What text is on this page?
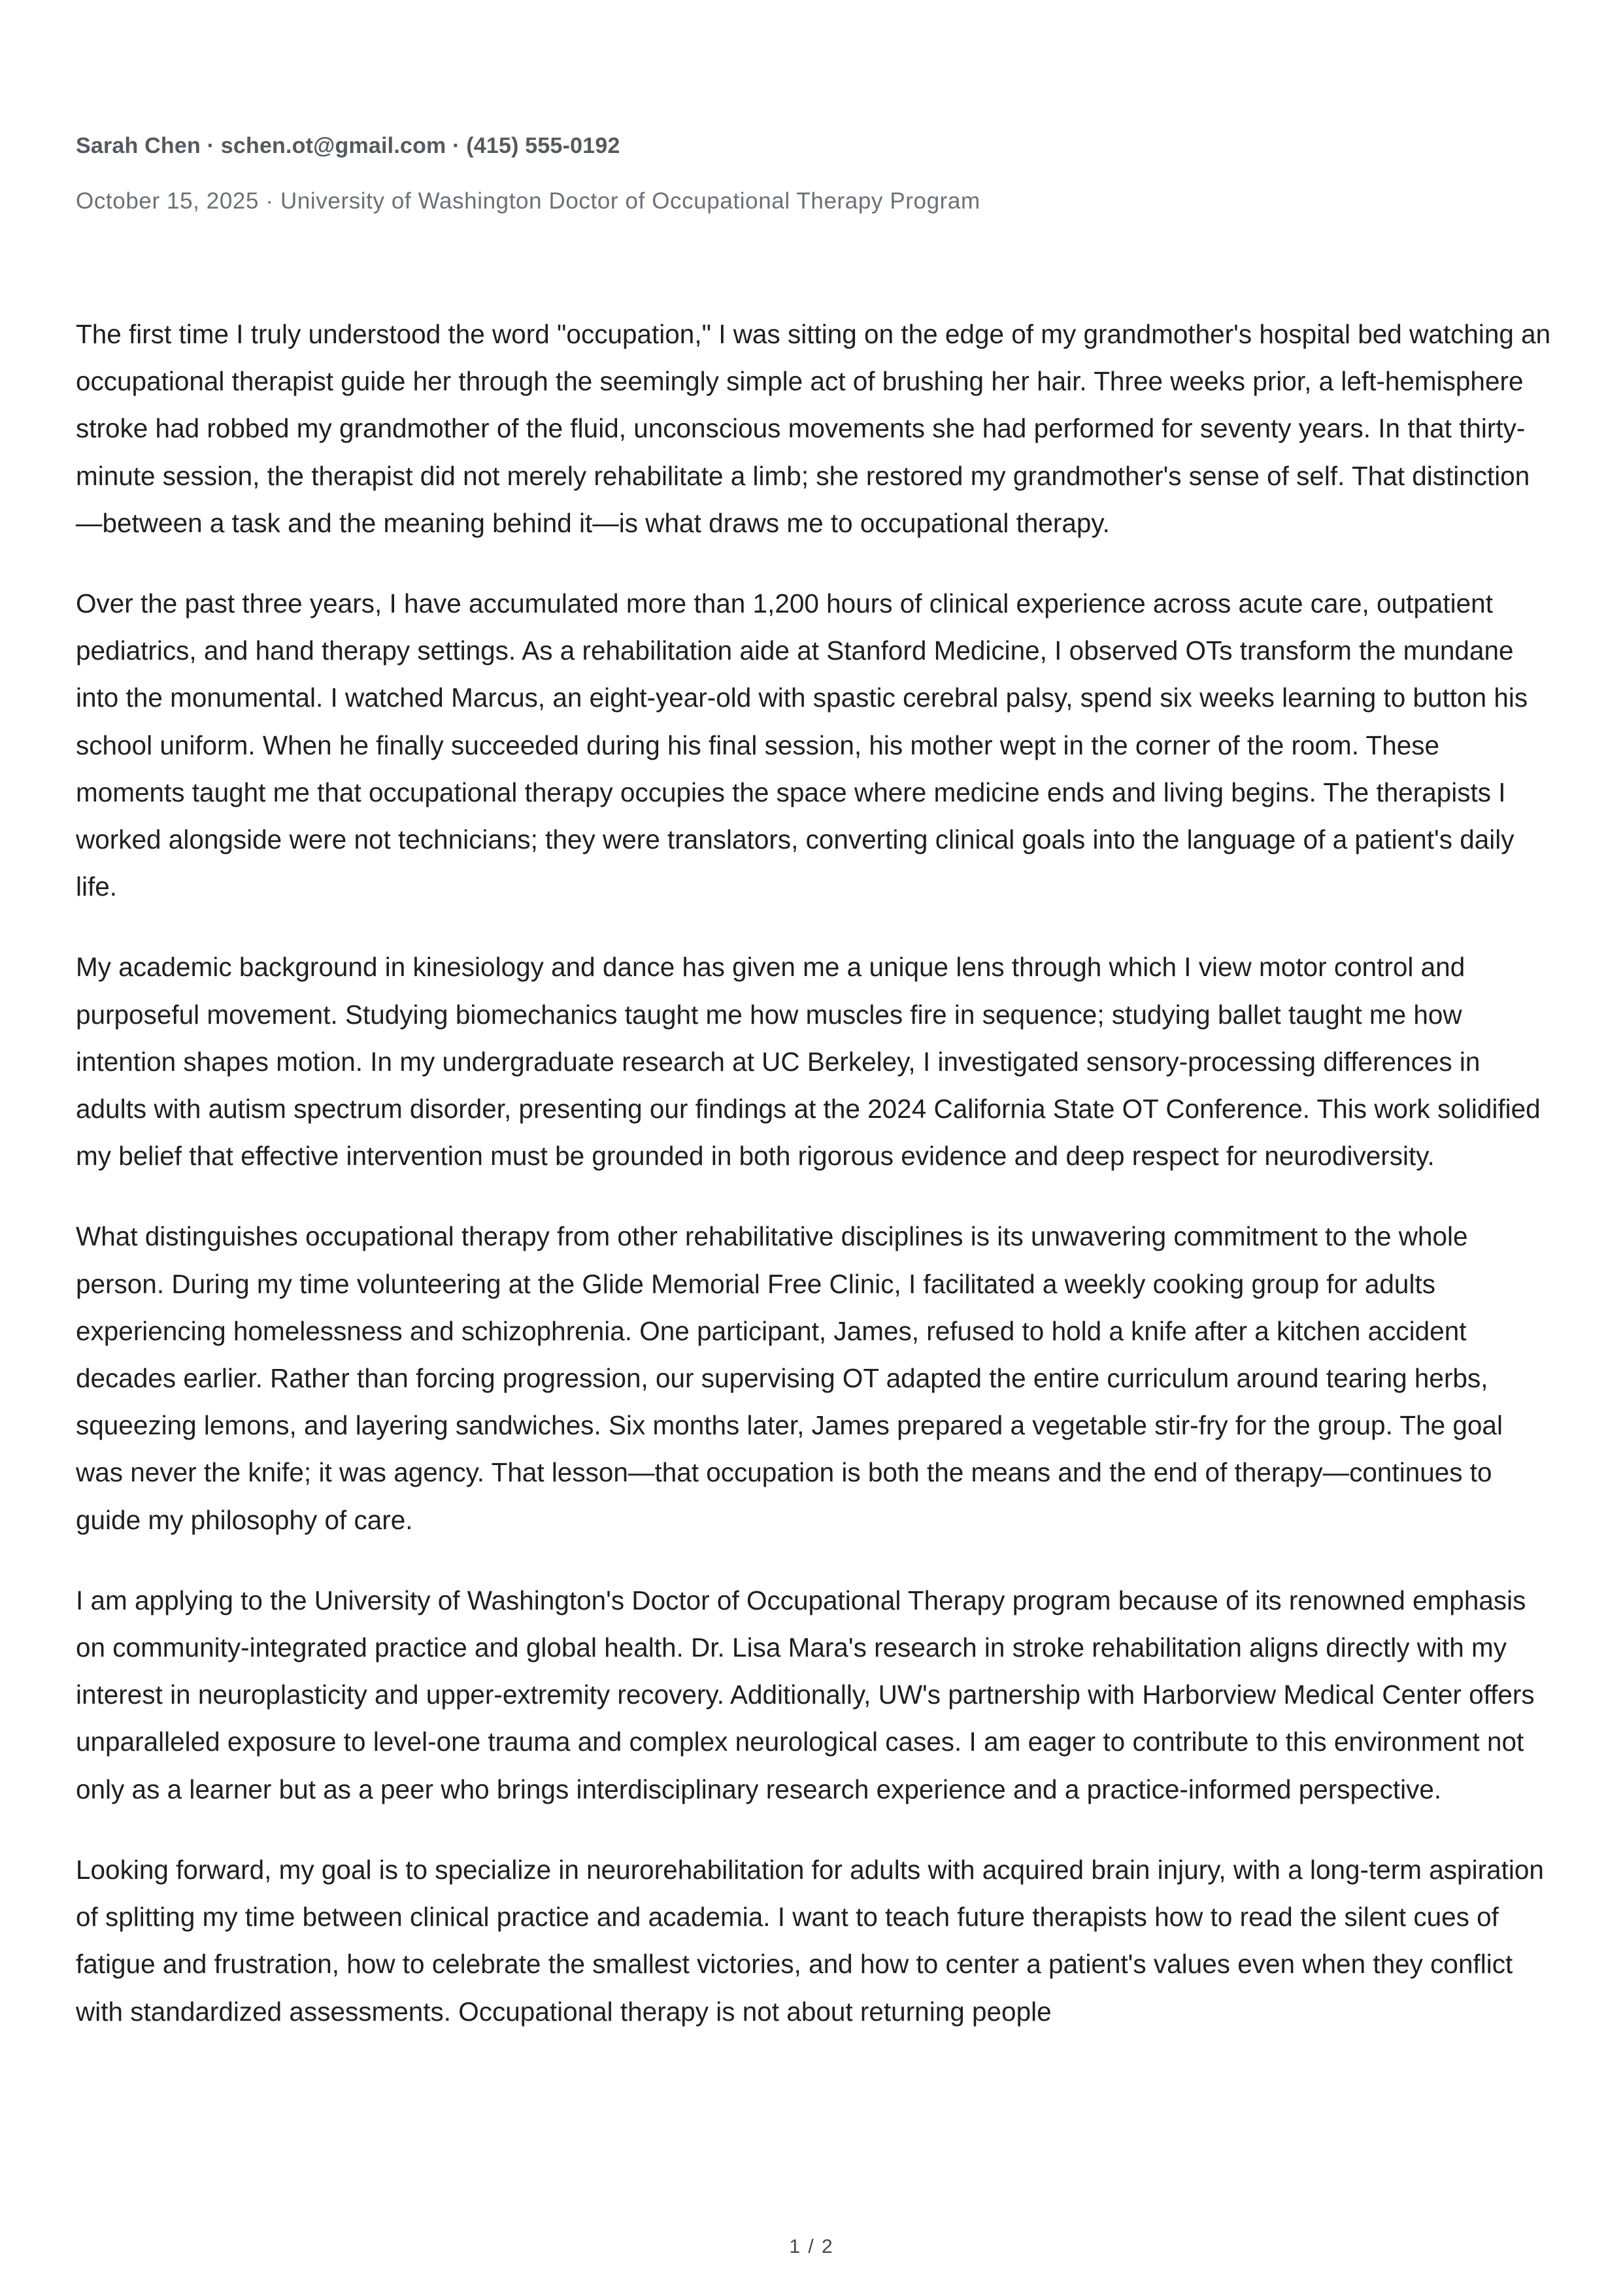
Sarah Chen · schen.ot@gmail.com · (415) 555-0192
October 15, 2025 · University of Washington Doctor of Occupational Therapy Program

The first time I truly understood the word "occupation," I was sitting on the edge of my grandmother's hospital bed watching an occupational therapist guide her through the seemingly simple act of brushing her hair. Three weeks prior, a left-hemisphere stroke had robbed my grandmother of the fluid, unconscious movements she had performed for seventy years. In that thirty-minute session, the therapist did not merely rehabilitate a limb; she restored my grandmother's sense of self. That distinction—between a task and the meaning behind it—is what draws me to occupational therapy.

Over the past three years, I have accumulated more than 1,200 hours of clinical experience across acute care, outpatient pediatrics, and hand therapy settings. As a rehabilitation aide at Stanford Medicine, I observed OTs transform the mundane into the monumental. I watched Marcus, an eight-year-old with spastic cerebral palsy, spend six weeks learning to button his school uniform. When he finally succeeded during his final session, his mother wept in the corner of the room. These moments taught me that occupational therapy occupies the space where medicine ends and living begins. The therapists I worked alongside were not technicians; they were translators, converting clinical goals into the language of a patient's daily life.

My academic background in kinesiology and dance has given me a unique lens through which I view motor control and purposeful movement. Studying biomechanics taught me how muscles fire in sequence; studying ballet taught me how intention shapes motion. In my undergraduate research at UC Berkeley, I investigated sensory-processing differences in adults with autism spectrum disorder, presenting our findings at the 2024 California State OT Conference. This work solidified my belief that effective intervention must be grounded in both rigorous evidence and deep respect for neurodiversity.

What distinguishes occupational therapy from other rehabilitative disciplines is its unwavering commitment to the whole person. During my time volunteering at the Glide Memorial Free Clinic, I facilitated a weekly cooking group for adults experiencing homelessness and schizophrenia. One participant, James, refused to hold a knife after a kitchen accident decades earlier. Rather than forcing progression, our supervising OT adapted the entire curriculum around tearing herbs, squeezing lemons, and layering sandwiches. Six months later, James prepared a vegetable stir-fry for the group. The goal was never the knife; it was agency. That lesson—that occupation is both the means and the end of therapy—continues to guide my philosophy of care.

I am applying to the University of Washington's Doctor of Occupational Therapy program because of its renowned emphasis on community-integrated practice and global health. Dr. Lisa Mara's research in stroke rehabilitation aligns directly with my interest in neuroplasticity and upper-extremity recovery. Additionally, UW's partnership with Harborview Medical Center offers unparalleled exposure to level-one trauma and complex neurological cases. I am eager to contribute to this environment not only as a learner but as a peer who brings interdisciplinary research experience and a practice-informed perspective.

Looking forward, my goal is to specialize in neurorehabilitation for adults with acquired brain injury, with a long-term aspiration of splitting my time between clinical practice and academia. I want to teach future therapists how to read the silent cues of fatigue and frustration, how to celebrate the smallest victories, and how to center a patient's values even when they conflict with standardized assessments. Occupational therapy is not about returning people

1 / 2
